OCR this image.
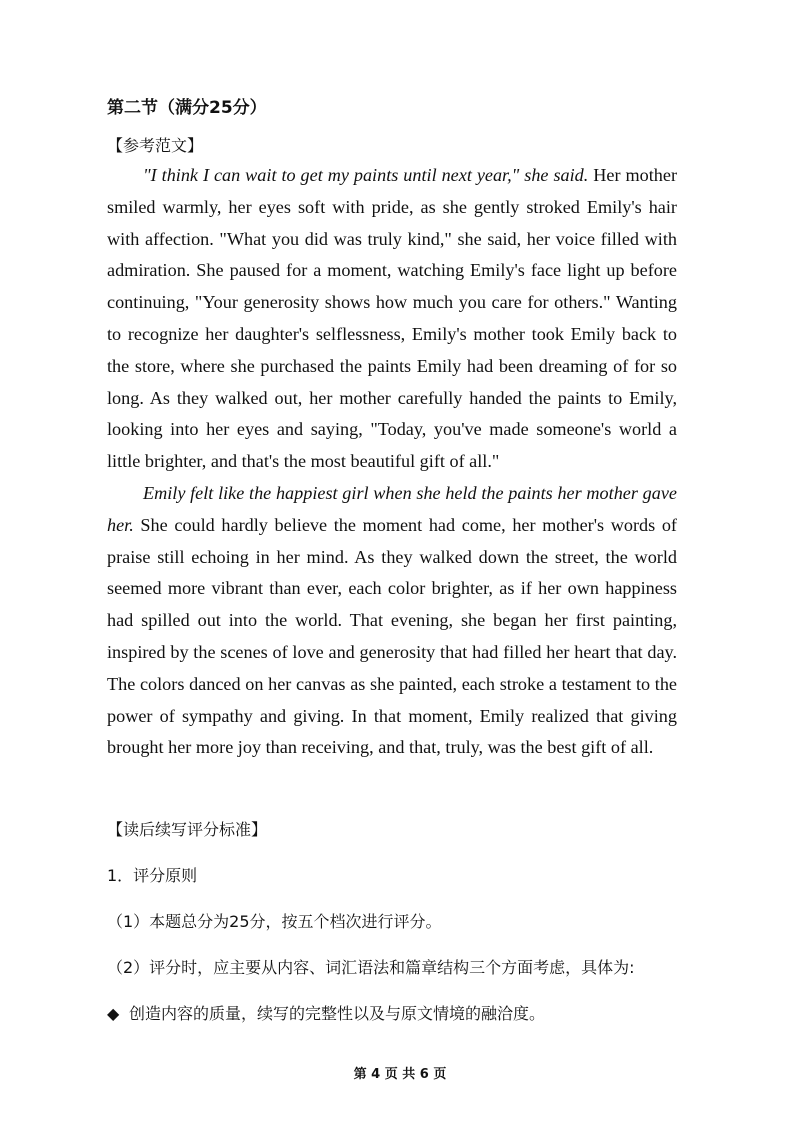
第二节（满分25分）
【参考范文】

"I think I can wait to get my paints until next year," she said. Her mother smiled warmly, her eyes soft with pride, as she gently stroked Emily's hair with affection. "What you did was truly kind," she said, her voice filled with admiration. She paused for a moment, watching Emily's face light up before continuing, "Your generosity shows how much you care for others." Wanting to recognize her daughter's selflessness, Emily's mother took Emily back to the store, where she purchased the paints Emily had been dreaming of for so long. As they walked out, her mother carefully handed the paints to Emily, looking into her eyes and saying, "Today, you've made someone's world a little brighter, and that's the most beautiful gift of all."

Emily felt like the happiest girl when she held the paints her mother gave her. She could hardly believe the moment had come, her mother's words of praise still echoing in her mind. As they walked down the street, the world seemed more vibrant than ever, each color brighter, as if her own happiness had spilled out into the world. That evening, she began her first painting, inspired by the scenes of love and generosity that had filled her heart that day. The colors danced on her canvas as she painted, each stroke a testament to the power of sympathy and giving. In that moment, Emily realized that giving brought her more joy than receiving, and that, truly, was the best gift of all.

【读后续写评分标准】
1．评分原则
（1）本题总分为25分，按五个档次进行评分。
（2）评分时，应主要从内容、词汇语法和篇章结构三个方面考虑，具体为:
◆ 创造内容的质量，续写的完整性以及与原文情境的融洽度。
第 4 页 共 6 页
